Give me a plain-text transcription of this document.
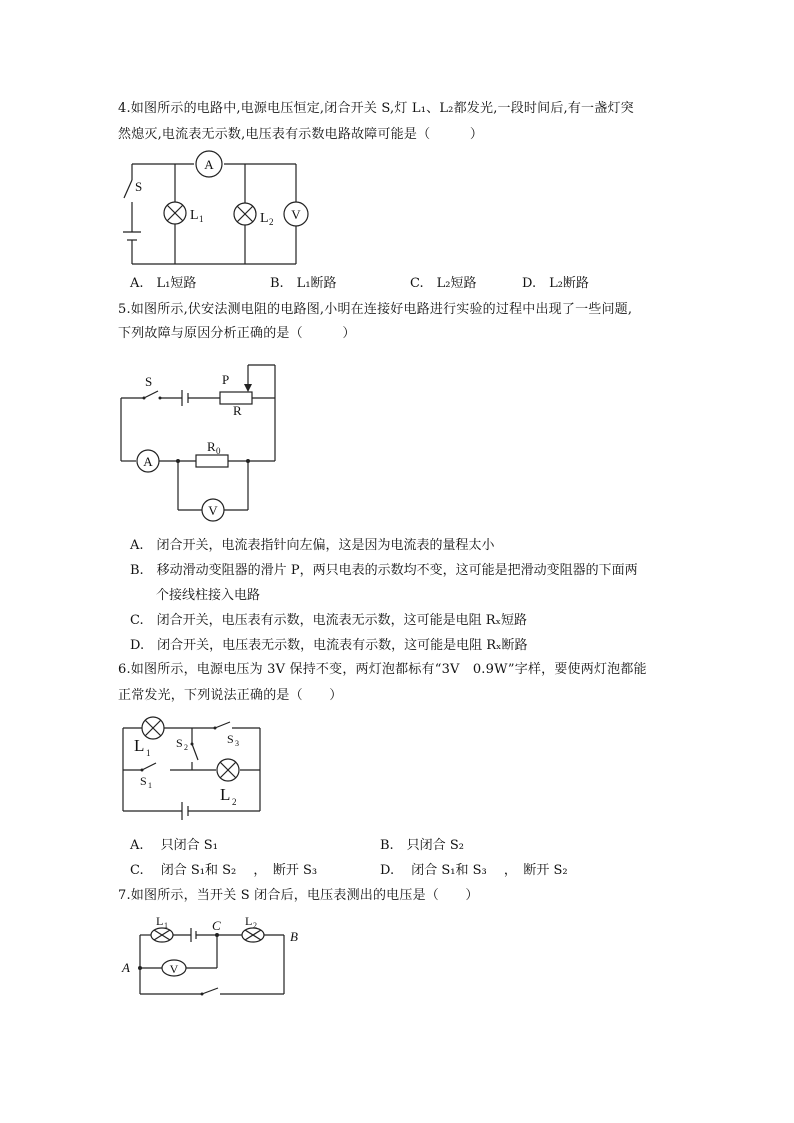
4.如图所示的电路中,电源电压恒定,闭合开关 S,灯 L₁、L₂都发光,一段时间后,有一盏灯突
然熄灭,电流表无示数,电压表有示数电路故障可能是（　　　）
A
V
S
L 1	L 2
A.　L₁短路	B.　L₁断路	C.　L₂短路	D.　L₂断路
5.如图所示,伏安法测电阻的电路图,小明在连接好电路进行实验的过程中出现了一些问题,
下列故障与原因分析正确的是（　　　）
A
V
S	P
R
R 0
A.　闭合开关，电流表指针向左偏，这是因为电流表的量程太小
B.　移动滑动变阻器的滑片 P，两只电表的示数均不变，这可能是把滑动变阻器的下面两
　　个接线柱接入电路
C.　闭合开关，电压表有示数，电流表无示数，这可能是电阻 Rₓ短路
D.　闭合开关，电压表无示数，电流表有示数，这可能是电阻 Rₓ断路
6.如图所示，电源电压为 3V 保持不变，两灯泡都标有“3V　0.9W”字样，要使两灯泡都能
正常发光，下列说法正确的是（　　）
L 1
L 2
S 2
S 3
S 1
A.　 只闭合 S₁	B.　只闭合 S₂
C.　 闭合 S₁和 S₂　 ，　断开 S₃	D.　 闭合 S₁和 S₃　 ，　断开 S₂
7.如图所示，当开关 S 闭合后，电压表测出的电压是（　　）
V
L 1	L 2
C
B
A
